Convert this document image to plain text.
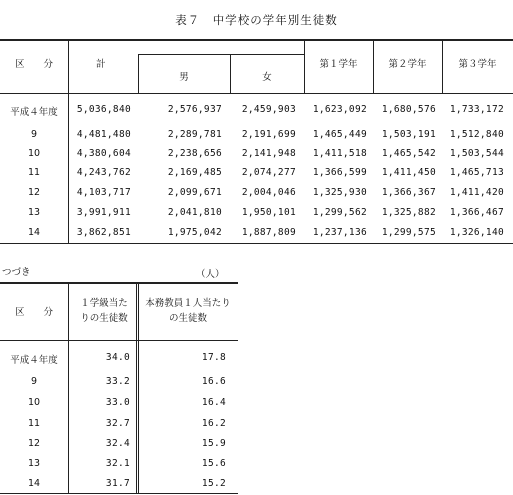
表７　中学校の学年別生徒数
区　　分	計
男	女
第１学年	第２学年	第３学年
平成４年度	5,036,840	2,576,937	2,459,903	1,623,092	1,680,576	1,733,172
9	4,481,480	2,289,781	2,191,699	1,465,449	1,503,191	1,512,840
10	4,380,604	2,238,656	2,141,948	1,411,518	1,465,542	1,503,544
11	4,243,762	2,169,485	2,074,277	1,366,599	1,411,450	1,465,713
12	4,103,717	2,099,671	2,004,046	1,325,930	1,366,367	1,411,420
13	3,991,911	2,041,810	1,950,101	1,299,562	1,325,882	1,366,467
14	3,862,851	1,975,042	1,887,809	1,237,136	1,299,575	1,326,140
つづき	（人）
区　　分
１学級当たりの生徒数
本務教員１人当たりの生徒数
平成４年度	34.0	17.8
9	33.2	16.6
10	33.0	16.4
11	32.7	16.2
12	32.4	15.9
13	32.1	15.6
14	31.7	15.2
